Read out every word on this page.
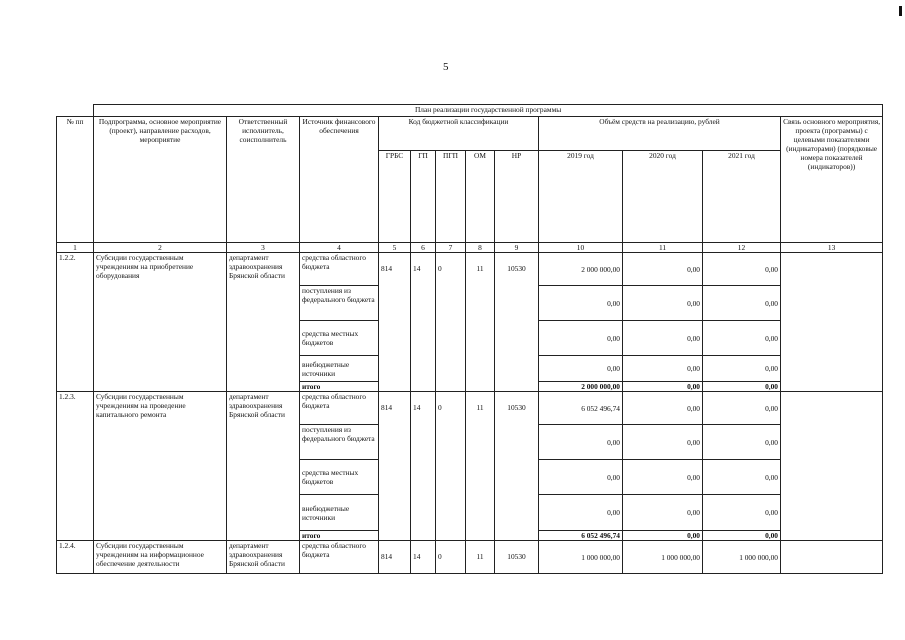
5
	План реализации государственной программы											
№ пп	Подпрограмма, основное мероприятие (проект), направление расходов, мероприятие	Ответственный исполнитель, соисполнитель	Источник финансового обеспечения	Код бюджетной классификации					Объём средств на реализацию, рублей			Связь основного мероприятия, проекта (программы) с целевыми показателями (индикаторами) (порядковые номера показателей (индикаторов))
				ГРБС	ГП	ПГП	ОМ	НР	2019 год	2020 год	2021 год	
1	2	3	4	5	6	7	8	9	10	11	12	13
1.2.2.	Субсидии государственным учреждениям на приобретение оборудования	департамент здравоохранения Брянской области	средства областного бюджета	814	14	0	11	10530	2 000 000,00	0,00	0,00	
			поступления из федерального бюджета						0,00	0,00	0,00	
			средства местных бюджетов						0,00	0,00	0,00	
			внебюджетные источники						0,00	0,00	0,00	
			итого						2 000 000,00	0,00	0,00	
1.2.3.	Субсидии государственным учреждениям на проведение капитального ремонта	департамент здравоохранения Брянской области	средства областного бюджета	814	14	0	11	10530	6 052 496,74	0,00	0,00	
			поступления из федерального бюджета						0,00	0,00	0,00	
			средства местных бюджетов						0,00	0,00	0,00	
			внебюджетные источники						0,00	0,00	0,00	
			итого						6 052 496,74	0,00	0,00	
1.2.4.	Субсидии государственным учреждениям на информационное обеспечение деятельности	департамент здравоохранения Брянской области	средства областного бюджета	814	14	0	11	10530	1 000 000,00	1 000 000,00	1 000 000,00	
